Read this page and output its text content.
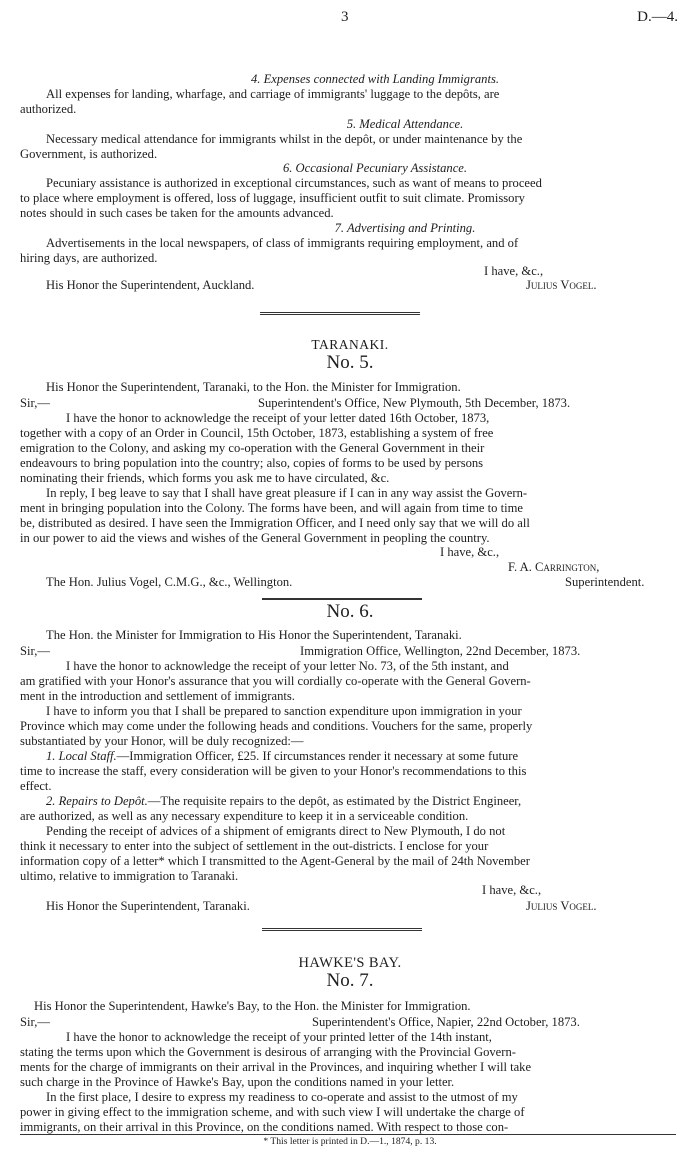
3	D.—4.
4. Expenses connected with Landing Immigrants.
All expenses for landing, wharfage, and carriage of immigrants' luggage to the depôts, are
authorized.
5. Medical Attendance.
Necessary medical attendance for immigrants whilst in the depôt, or under maintenance by the
Government, is authorized.
6. Occasional Pecuniary Assistance.
Pecuniary assistance is authorized in exceptional circumstances, such as want of means to proceed
to place where employment is offered, loss of luggage, insufficient outfit to suit climate. Promissory
notes should in such cases be taken for the amounts advanced.
7. Advertising and Printing.
Advertisements in the local newspapers, of class of immigrants requiring employment, and of
hiring days, are authorized.
I have, &c.,
His Honor the Superintendent, Auckland.	Julius Vogel.
TARANAKI.
No. 5.
His Honor the Superintendent, Taranaki, to the Hon. the Minister for Immigration.
Sir,—	Superintendent's Office, New Plymouth, 5th December, 1873.
I have the honor to acknowledge the receipt of your letter dated 16th October, 1873,
together with a copy of an Order in Council, 15th October, 1873, establishing a system of free
emigration to the Colony, and asking my co-operation with the General Government in their
endeavours to bring population into the country; also, copies of forms to be used by persons
nominating their friends, which forms you ask me to have circulated, &c.
In reply, I beg leave to say that I shall have great pleasure if I can in any way assist the Govern-
ment in bringing population into the Colony. The forms have been, and will again from time to time
be, distributed as desired. I have seen the Immigration Officer, and I need only say that we will do all
in our power to aid the views and wishes of the General Government in peopling the country.
I have, &c.,
F. A. Carrington,
The Hon. Julius Vogel, C.M.G., &c., Wellington.	Superintendent.
No. 6.
The Hon. the Minister for Immigration to His Honor the Superintendent, Taranaki.
Sir,—	Immigration Office, Wellington, 22nd December, 1873.
I have the honor to acknowledge the receipt of your letter No. 73, of the 5th instant, and
am gratified with your Honor's assurance that you will cordially co-operate with the General Govern-
ment in the introduction and settlement of immigrants.
I have to inform you that I shall be prepared to sanction expenditure upon immigration in your
Province which may come under the following heads and conditions. Vouchers for the same, properly
substantiated by your Honor, will be duly recognized:—
1. Local Staff.—Immigration Officer, £25. If circumstances render it necessary at some future
time to increase the staff, every consideration will be given to your Honor's recommendations to this
effect.
2. Repairs to Depôt.—The requisite repairs to the depôt, as estimated by the District Engineer,
are authorized, as well as any necessary expenditure to keep it in a serviceable condition.
Pending the receipt of advices of a shipment of emigrants direct to New Plymouth, I do not
think it necessary to enter into the subject of settlement in the out-districts. I enclose for your
information copy of a letter* which I transmitted to the Agent-General by the mail of 24th November
ultimo, relative to immigration to Taranaki.
I have, &c.,
His Honor the Superintendent, Taranaki.	Julius Vogel.
HAWKE'S BAY.
No. 7.
His Honor the Superintendent, Hawke's Bay, to the Hon. the Minister for Immigration.
Sir,—	Superintendent's Office, Napier, 22nd October, 1873.
I have the honor to acknowledge the receipt of your printed letter of the 14th instant,
stating the terms upon which the Government is desirous of arranging with the Provincial Govern-
ments for the charge of immigrants on their arrival in the Provinces, and inquiring whether I will take
such charge in the Province of Hawke's Bay, upon the conditions named in your letter.
In the first place, I desire to express my readiness to co-operate and assist to the utmost of my
power in giving effect to the immigration scheme, and with such view I will undertake the charge of
immigrants, on their arrival in this Province, on the conditions named. With respect to those con-
* This letter is printed in D.—1., 1874, p. 13.
